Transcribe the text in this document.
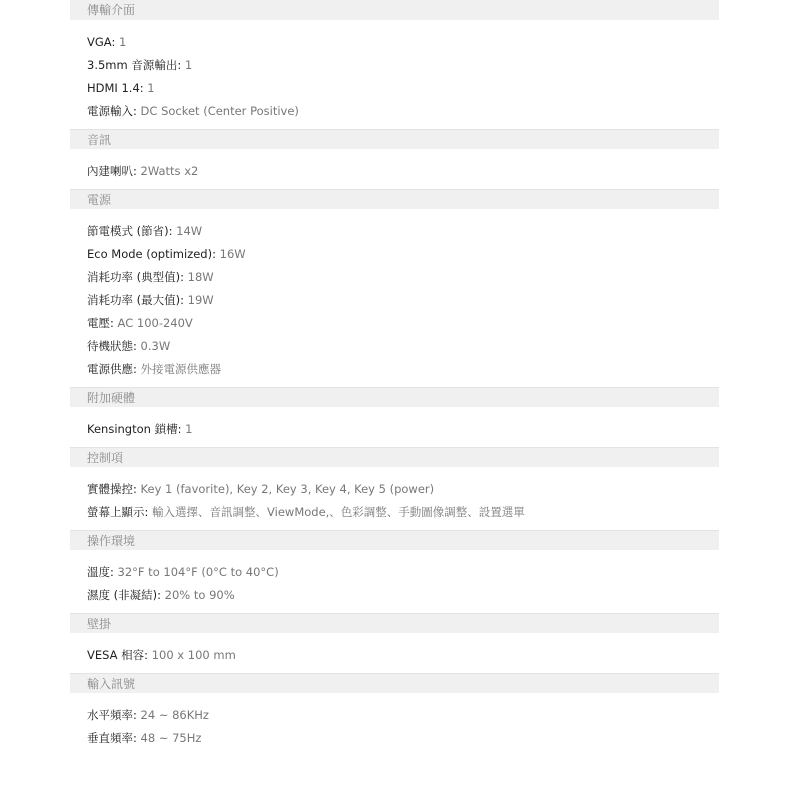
傳輸介面
VGA: 1
3.5mm 音源輸出: 1
HDMI 1.4: 1
電源輸入: DC Socket (Center Positive)
音訊
內建喇叭: 2Watts x2
電源
節電模式 (節省): 14W
Eco Mode (optimized): 16W
消耗功率 (典型值): 18W
消耗功率 (最大值): 19W
電壓: AC 100-240V
待機狀態: 0.3W
電源供應: 外接電源供應器
附加硬體
Kensington 鎖槽: 1
控制項
實體操控: Key 1 (favorite), Key 2, Key 3, Key 4, Key 5 (power)
螢幕上顯示: 輸入選擇、音訊調整、ViewMode,、色彩調整、手動圖像調整、設置選單
操作環境
溫度: 32°F to 104°F (0°C to 40°C)
濕度 (非凝結): 20% to 90%
壁掛
VESA 相容: 100 x 100 mm
輸入訊號
水平頻率: 24 ~ 86KHz
垂直頻率: 48 ~ 75Hz
